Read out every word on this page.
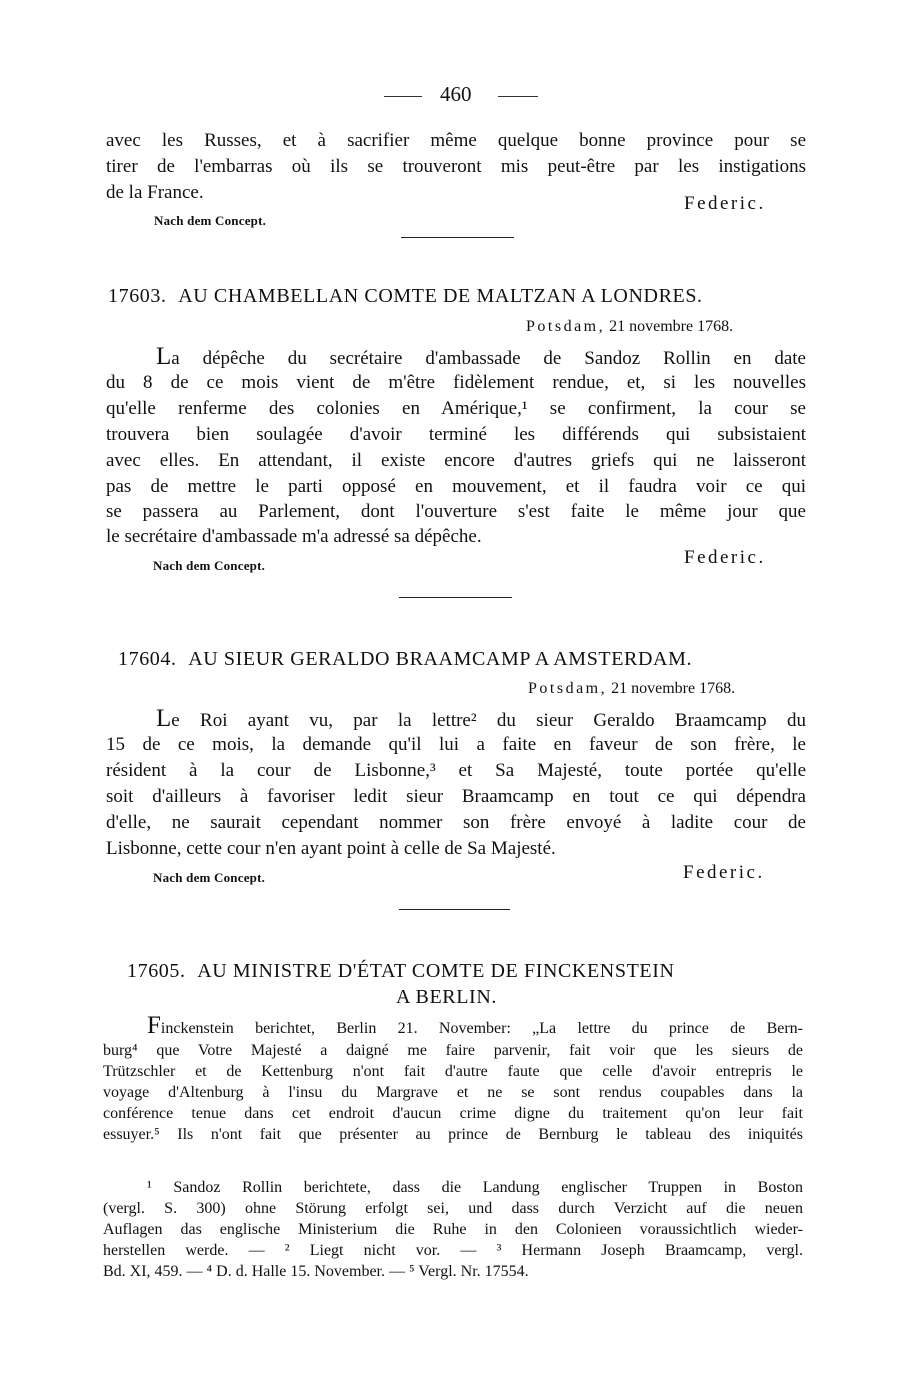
460
avec les Russes, et à sacrifier même quelque bonne province pour se
tirer de l'embarras où ils se trouveront mis peut-être par les instigations
de la France.
Federic.
Nach dem Concept.
17603. AU CHAMBELLAN COMTE DE MALTZAN A LONDRES.
Potsdam, 21 novembre 1768.
La dépêche du secrétaire d'ambassade de Sandoz Rollin en date
du 8 de ce mois vient de m'être fidèlement rendue, et, si les nouvelles
qu'elle renferme des colonies en Amérique,¹ se confirment, la cour se
trouvera bien soulagée d'avoir terminé les différends qui subsistaient
avec elles. En attendant, il existe encore d'autres griefs qui ne laisseront
pas de mettre le parti opposé en mouvement, et il faudra voir ce qui
se passera au Parlement, dont l'ouverture s'est faite le même jour que
le secrétaire d'ambassade m'a adressé sa dépêche.
Federic.
Nach dem Concept.
17604. AU SIEUR GERALDO BRAAMCAMP A AMSTERDAM.
Potsdam, 21 novembre 1768.
Le Roi ayant vu, par la lettre² du sieur Geraldo Braamcamp du
15 de ce mois, la demande qu'il lui a faite en faveur de son frère, le
résident à la cour de Lisbonne,³ et Sa Majesté, toute portée qu'elle
soit d'ailleurs à favoriser ledit sieur Braamcamp en tout ce qui dépendra
d'elle, ne saurait cependant nommer son frère envoyé à ladite cour de
Lisbonne, cette cour n'en ayant point à celle de Sa Majesté.
Nach dem Concept.	Federic.
17605. AU MINISTRE D'ÉTAT COMTE DE FINCKENSTEIN
A BERLIN.
Finckenstein berichtet, Berlin 21. November: „La lettre du prince de Bern-
burg⁴ que Votre Majesté a daigné me faire parvenir, fait voir que les sieurs de
Trützschler et de Kettenburg n'ont fait d'autre faute que celle d'avoir entrepris le
voyage d'Altenburg à l'insu du Margrave et ne se sont rendus coupables dans la
conférence tenue dans cet endroit d'aucun crime digne du traitement qu'on leur fait
essuyer.⁵ Ils n'ont fait que présenter au prince de Bernburg le tableau des iniquités
¹ Sandoz Rollin berichtete, dass die Landung englischer Truppen in Boston
(vergl. S. 300) ohne Störung erfolgt sei, und dass durch Verzicht auf die neuen
Auflagen das englische Ministerium die Ruhe in den Colonieen voraussichtlich wieder-
herstellen werde. — ² Liegt nicht vor. — ³ Hermann Joseph Braamcamp, vergl.
Bd. XI, 459. — ⁴ D. d. Halle 15. November. — ⁵ Vergl. Nr. 17554.
